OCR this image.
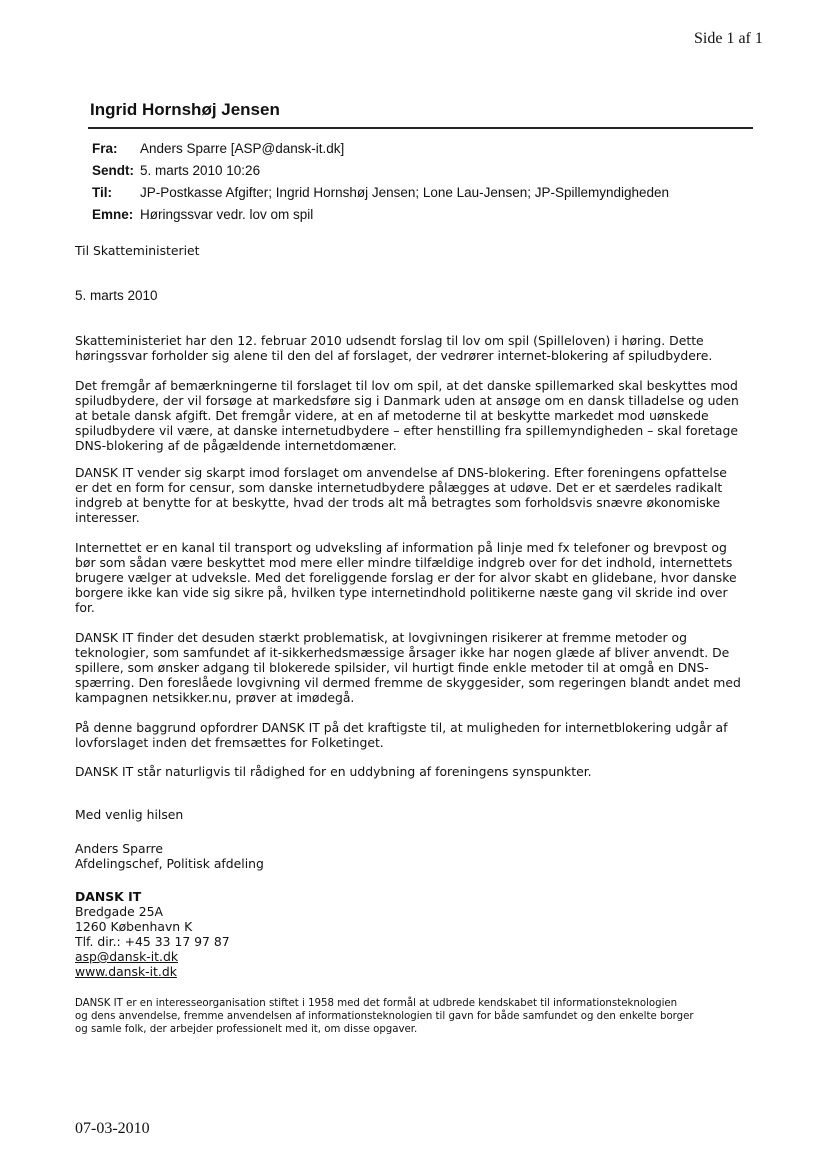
Side 1 af 1
Ingrid Hornshøj Jensen
Fra: Anders Sparre [ASP@dansk-it.dk]
Sendt: 5. marts 2010 10:26
Til: JP-Postkasse Afgifter; Ingrid Hornshøj Jensen; Lone Lau-Jensen; JP-Spillemyndigheden
Emne: Høringssvar vedr. lov om spil
Til Skatteministeriet
5. marts 2010

Skatteministeriet har den 12. februar 2010 udsendt forslag til lov om spil (Spilleloven) i høring. Dette

høringssvar forholder sig alene til den del af forslaget, der vedrører internet-blokering af spiludbydere.

Det fremgår af bemærkningerne til forslaget til lov om spil, at det danske spillemarked skal beskyttes mod

spiludbydere, der vil forsøge at markedsføre sig i Danmark uden at ansøge om en dansk tilladelse og uden

at betale dansk afgift. Det fremgår videre, at en af metoderne til at beskytte markedet mod uønskede

spiludbydere vil være, at danske internetudbydere – efter henstilling fra spillemyndigheden – skal foretage

DNS-blokering af de pågældende internetdomæner.

DANSK IT vender sig skarpt imod forslaget om anvendelse af DNS-blokering. Efter foreningens opfattelse

er det en form for censur, som danske internetudbydere pålægges at udøve. Det er et særdeles radikalt

indgreb at benytte for at beskytte, hvad der trods alt må betragtes som forholdsvis snævre økonomiske

interesser.

Internettet er en kanal til transport og udveksling af information på linje med fx telefoner og brevpost og

bør som sådan være beskyttet mod mere eller mindre tilfældige indgreb over for det indhold, internettets

brugere vælger at udveksle. Med det foreliggende forslag er der for alvor skabt en glidebane, hvor danske

borgere ikke kan vide sig sikre på, hvilken type internetindhold politikerne næste gang vil skride ind over

for.

DANSK IT finder det desuden stærkt problematisk, at lovgivningen risikerer at fremme metoder og

teknologier, som samfundet af it-sikkerhedsmæssige årsager ikke har nogen glæde af bliver anvendt. De

spillere, som ønsker adgang til blokerede spilsider, vil hurtigt finde enkle metoder til at omgå en DNS-

spærring. Den foreslåede lovgivning vil dermed fremme de skyggesider, som regeringen blandt andet med

kampagnen netsikker.nu, prøver at imødegå.

På denne baggrund opfordrer DANSK IT på det kraftigste til, at muligheden for internetblokering udgår af

lovforslaget inden det fremsættes for Folketinget.

DANSK IT står naturligvis til rådighed for en uddybning af foreningens synspunkter.

Med venlig hilsen

Anders Sparre

Afdelingschef, Politisk afdeling

DANSK IT

Bredgade 25A

1260 København K

Tlf. dir.: +45 33 17 97 87

asp@dansk-it.dk

www.dansk-it.dk

DANSK IT er en interesseorganisation stiftet i 1958 med det formål at udbrede kendskabet til informationsteknologien
og dens anvendelse, fremme anvendelsen af informationsteknologien til gavn for både samfundet og den enkelte borger
og samle folk, der arbejder professionelt med it, om disse opgaver.
07-03-2010
